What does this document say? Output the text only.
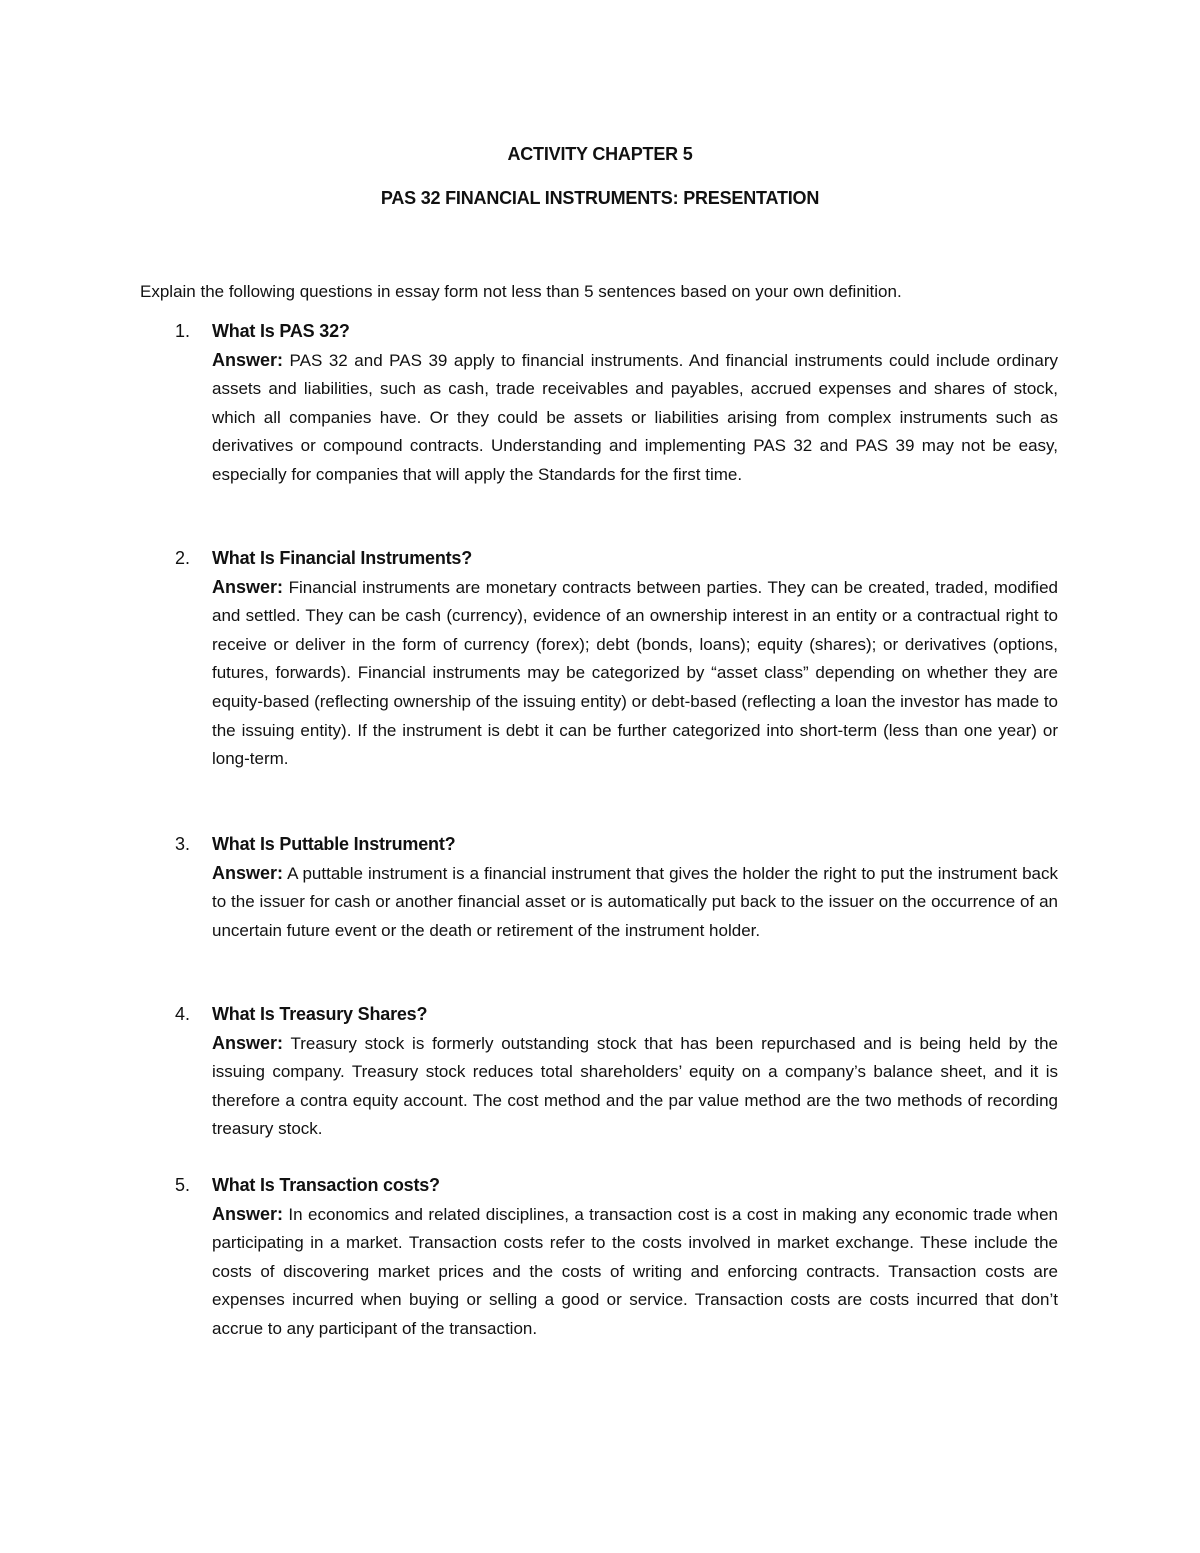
ACTIVITY CHAPTER 5
PAS 32 FINANCIAL INSTRUMENTS: PRESENTATION
Explain the following questions in essay form not less than 5 sentences based on your own definition.
1. What Is PAS 32?

Answer: PAS 32 and PAS 39 apply to financial instruments. And financial instruments could include ordinary assets and liabilities, such as cash, trade receivables and payables, accrued expenses and shares of stock, which all companies have. Or they could be assets or liabilities arising from complex instruments such as derivatives or compound contracts. Understanding and implementing PAS 32 and PAS 39 may not be easy, especially for companies that will apply the Standards for the first time.

2. What Is Financial Instruments?

Answer: Financial instruments are monetary contracts between parties. They can be created, traded, modified and settled. They can be cash (currency), evidence of an ownership interest in an entity or a contractual right to receive or deliver in the form of currency (forex); debt (bonds, loans); equity (shares); or derivatives (options, futures, forwards). Financial instruments may be categorized by “asset class” depending on whether they are equity-based (reflecting ownership of the issuing entity) or debt-based (reflecting a loan the investor has made to the issuing entity). If the instrument is debt it can be further categorized into short-term (less than one year) or long-term.

3. What Is Puttable Instrument?

Answer: A puttable instrument is a financial instrument that gives the holder the right to put the instrument back to the issuer for cash or another financial asset or is automatically put back to the issuer on the occurrence of an uncertain future event or the death or retirement of the instrument holder.

4. What Is Treasury Shares?

Answer: Treasury stock is formerly outstanding stock that has been repurchased and is being held by the issuing company. Treasury stock reduces total shareholders’ equity on a company’s balance sheet, and it is therefore a contra equity account. The cost method and the par value method are the two methods of recording treasury stock.

5. What Is Transaction costs?

Answer: In economics and related disciplines, a transaction cost is a cost in making any economic trade when participating in a market. Transaction costs refer to the costs involved in market exchange. These include the costs of discovering market prices and the costs of writing and enforcing contracts. Transaction costs are expenses incurred when buying or selling a good or service. Transaction costs are costs incurred that don’t accrue to any participant of the transaction.
